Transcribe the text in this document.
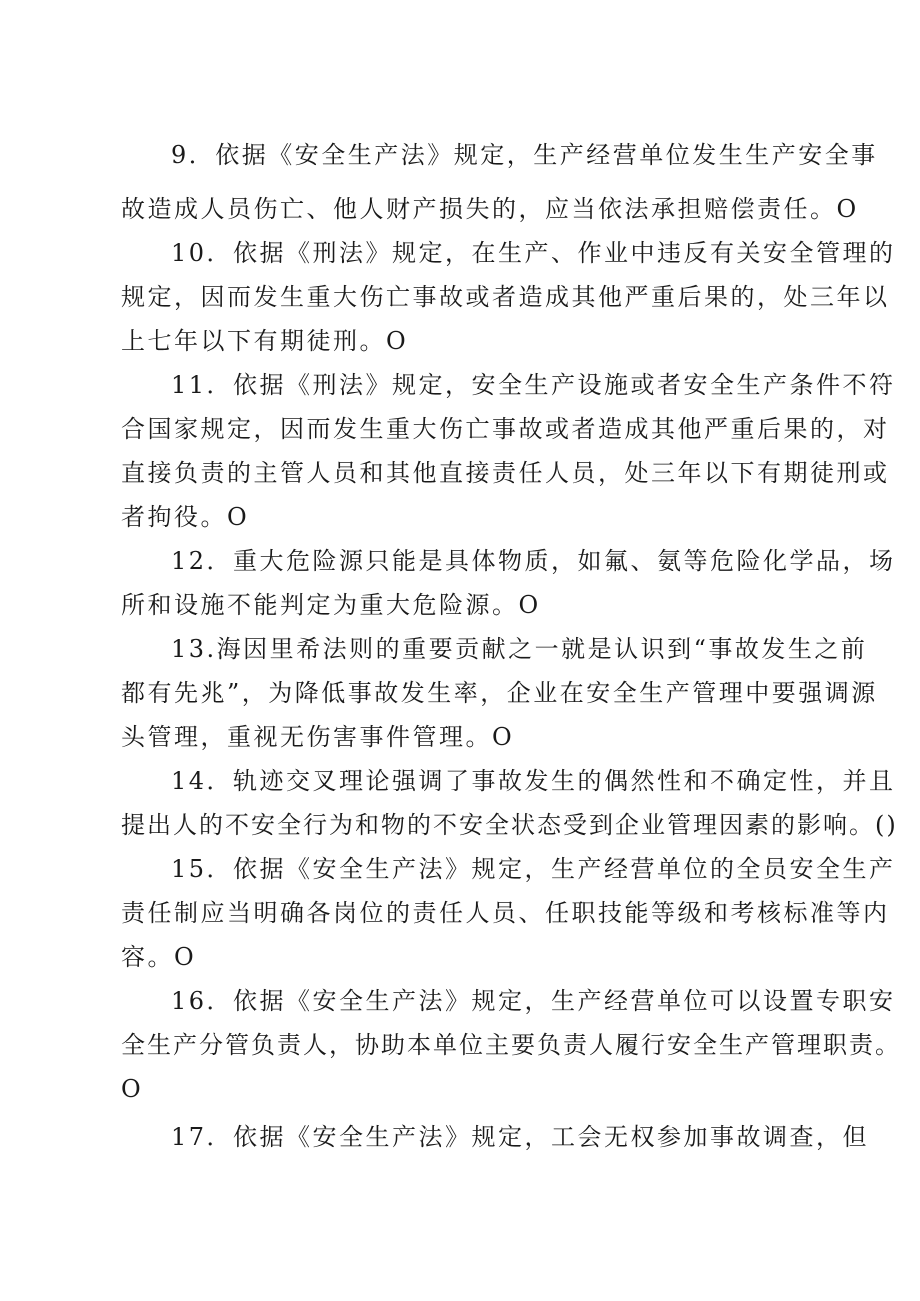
9．依据《安全生产法》规定，生产经营单位发生生产安全事
故造成人员伤亡、他人财产损失的，应当依法承担赔偿责任。O
10．依据《刑法》规定，在生产、作业中违反有关安全管理的
规定，因而发生重大伤亡事故或者造成其他严重后果的，处三年以
上七年以下有期徒刑。O
11．依据《刑法》规定，安全生产设施或者安全生产条件不符
合国家规定，因而发生重大伤亡事故或者造成其他严重后果的，对
直接负责的主管人员和其他直接责任人员，处三年以下有期徒刑或
者拘役。O
12．重大危险源只能是具体物质，如氟、氨等危险化学品，场
所和设施不能判定为重大危险源。O
13.海因里希法则的重要贡献之一就是认识到“事故发生之前
都有先兆”，为降低事故发生率，企业在安全生产管理中要强调源
头管理，重视无伤害事件管理。O
14．轨迹交叉理论强调了事故发生的偶然性和不确定性，并且
提出人的不安全行为和物的不安全状态受到企业管理因素的影响。()
15．依据《安全生产法》规定，生产经营单位的全员安全生产
责任制应当明确各岗位的责任人员、任职技能等级和考核标准等内
容。O
16．依据《安全生产法》规定，生产经营单位可以设置专职安
全生产分管负责人，协助本单位主要负责人履行安全生产管理职责。
O
17．依据《安全生产法》规定，工会无权参加事故调查，但
